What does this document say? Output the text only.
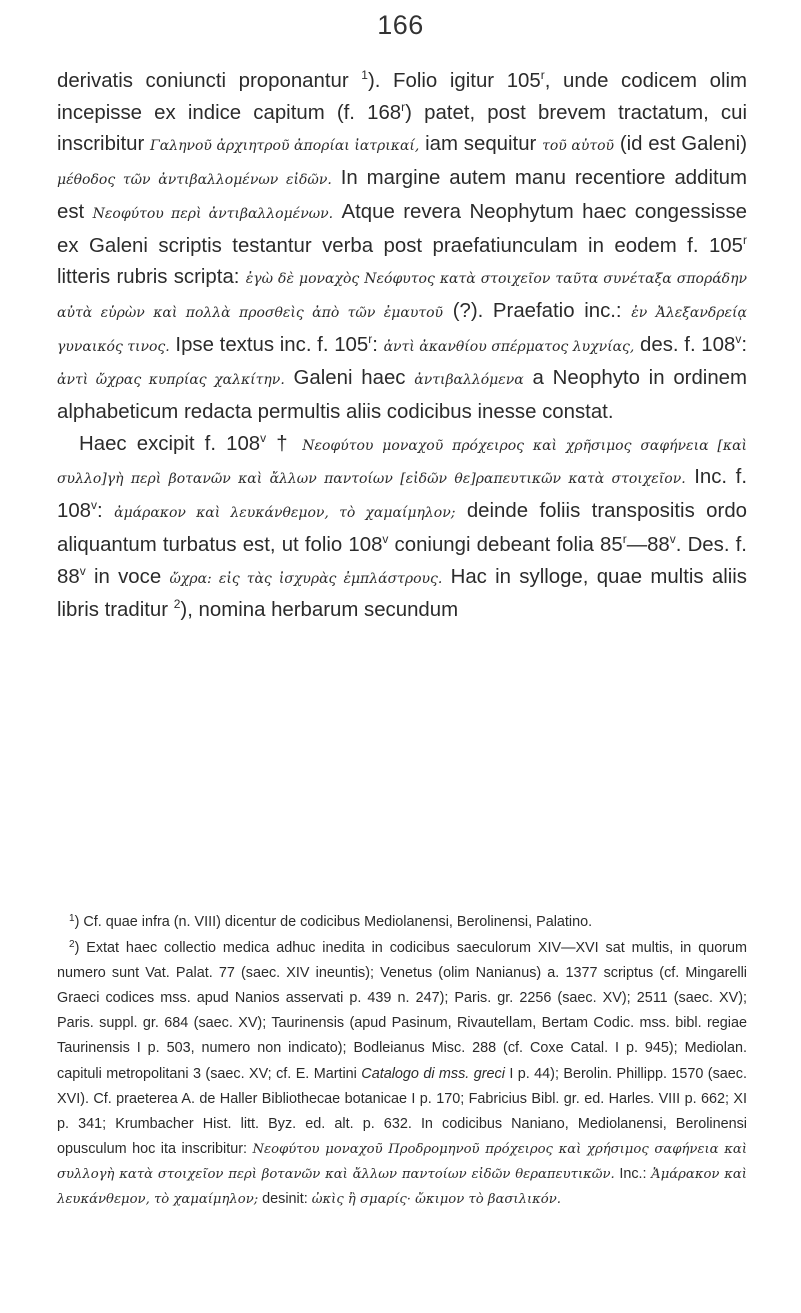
166

derivatis coniuncti proponantur $^1$). Folio igitur 105$^r$, unde codicem olim incepisse ex indice capitum (f. 168$^r$) patet, post brevem tractatum, cui inscribitur Γαληνοῦ ἀρχιητροῦ ἀπορίαι ἰατρικαί, iam sequitur τοῦ αὐτοῦ (id est Galeni) μέθοδος τῶν ἀντιβαλλομένων εἰδῶν. In margine autem manu recentiore additum est Νεοφύτου περὶ ἀντιβαλλομένων. Atque revera Neophytum haec congessisse ex Galeni scriptis testantur verba post praefatiunculam in eodem f. 105$^r$ litteris rubris scripta: ἐγὼ δὲ μοναχὸς Νεόφυτος κατὰ στοιχεῖον ταῦτα συνέταξα σποράδην αὐτὰ εὑρὼν καὶ πολλὰ προσθεὶς ἀπὸ τῶν ἐμαυτοῦ (?). Praefatio inc.: ἐν Ἀλεξανδρείᾳ γυναικός τινος. Ipse textus inc. f. 105$^r$: ἀντὶ ἀκανθίου σπέρματος λυχνίας, des. f. 108$^v$: ἀντὶ ὤχρας κυπρίας χαλκίτην. Galeni haec ἀντιβαλλόμενα a Neophyto in ordinem alphabeticum redacta permultis aliis codicibus inesse constat.

Haec excipit f. 108$^v$ † Νεοφύτου μοναχοῦ πρόχειρος καὶ χρῆσιμος σαφήνεια [καὶ συλλο]γὴ περὶ βοτανῶν καὶ ἄλλων παντοίων [εἰδῶν θε]ραπευτικῶν κατὰ στοιχεῖον. Inc. f. 108$^v$: ἀμάρακον καὶ λευκάνθεμον, τὸ χαμαίμηλον; deinde foliis transpositis ordo aliquantum turbatus est, ut folio 108$^v$ coniungi debeant folia 85$^r$—88$^v$. Des. f. 88$^v$ in voce ὤχρα: εἰς τὰς ἰσχυρὰς ἐμπλάστρους. Hac in sylloge, quae multis aliis libris traditur $^2$), nomina herbarum secundum

$^1$) Cf. quae infra (n. VIII) dicentur de codicibus Mediolanensi, Berolinensi, Palatino.

$^2$) Extat haec collectio medica adhuc inedita in codicibus saeculorum XIV—XVI sat multis, in quorum numero sunt Vat. Palat. 77 (saec. XIV ineuntis); Venetus (olim Nanianus) a. 1377 scriptus (cf. Mingarelli Graeci codices mss. apud Nanios asservati p. 439 n. 247); Paris. gr. 2256 (saec. XV); 2511 (saec. XV); Paris. suppl. gr. 684 (saec. XV); Taurinensis (apud Pasinum, Rivautellam, Bertam Codic. mss. bibl. regiae Taurinensis I p. 503, numero non indicato); Bodleianus Misc. 288 (cf. Coxe Catal. I p. 945); Mediolan. capituli metropolitani 3 (saec. XV; cf. E. Martini Catalogo di mss. greci I p. 44); Berolin. Phillipp. 1570 (saec. XVI). Cf. praeterea A. de Haller Bibliothecae botanicae I p. 170; Fabricius Bibl. gr. ed. Harles. VIII p. 662; XI p. 341; Krumbacher Hist. litt. Byz. ed. alt. p. 632. In codicibus Naniano, Mediolanensi, Berolinensi opusculum hoc ita inscribitur: Νεοφύτου μοναχοῦ Προδρομηνοῦ πρόχειρος καὶ χρήσιμος σαφήνεια καὶ συλλογὴ κατὰ στοιχεῖον περὶ βοτανῶν καὶ ἄλλων παντοίων εἰδῶν θεραπευτικῶν. Inc.: Ἀμάρακον καὶ λευκάνθεμον, τὸ χαμαίμηλον; desinit: ὠκὶς ἢ σμαρίς· ὤκιμον τὸ βασιλικόν.
